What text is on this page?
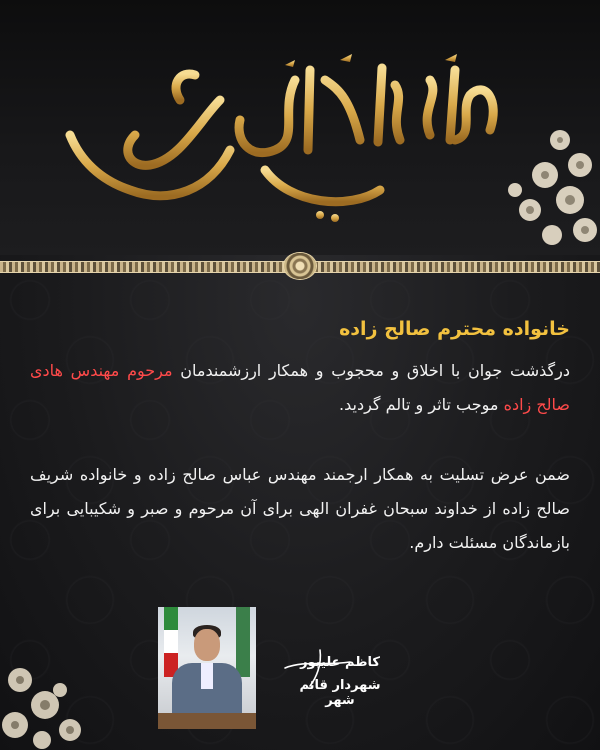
خانواده محترم صالح زاده

درگذشت جوان با اخلاق و محجوب و همکار ارزشمندمان مرحوم مهندس هادی صالح زاده موجب تاثر و تالم گردید.

ضمن عرض تسلیت به همکار ارجمند مهندس عباس صالح زاده و خانواده شریف صالح زاده از خداوند سبحان غفران الهی برای آن مرحوم و صبر و شکیبایی برای بازماندگان مسئلت دارم.

کاظم علیپور
شهردار قائم شهر
